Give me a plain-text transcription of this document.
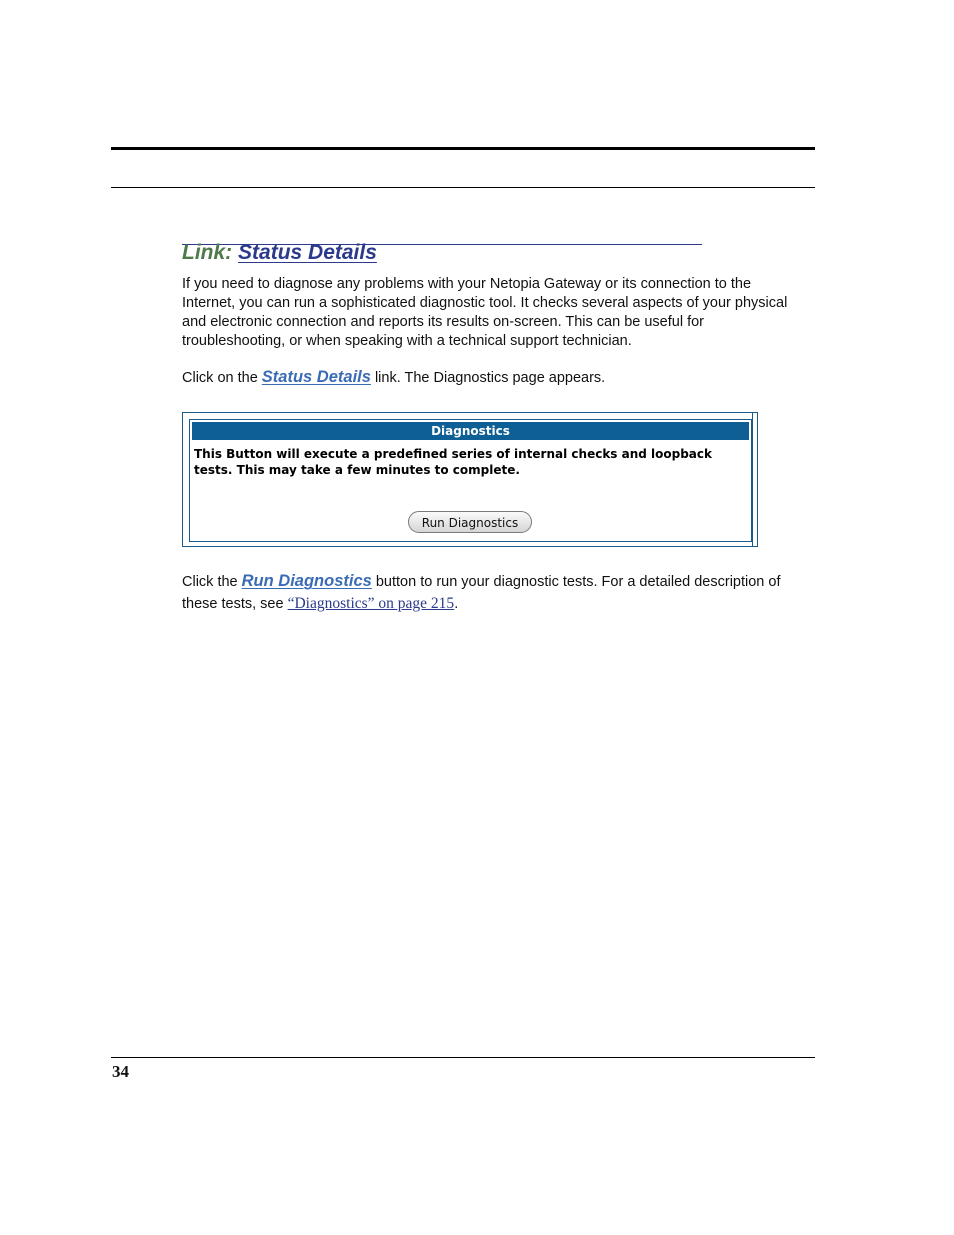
Link: Status Details

If you need to diagnose any problems with your Netopia Gateway or its connection to the Internet, you can run a sophisticated diagnostic tool. It checks several aspects of your physical and electronic connection and reports its results on-screen. This can be useful for troubleshooting, or when speaking with a technical support technician.

Click on the Status Details link. The Diagnostics page appears.

Diagnostics
This Button will execute a predefined series of internal checks and loopback tests. This may take a few minutes to complete.
Run Diagnostics

Click the Run Diagnostics button to run your diagnostic tests. For a detailed description of these tests, see “Diagnostics” on page 215.

34
